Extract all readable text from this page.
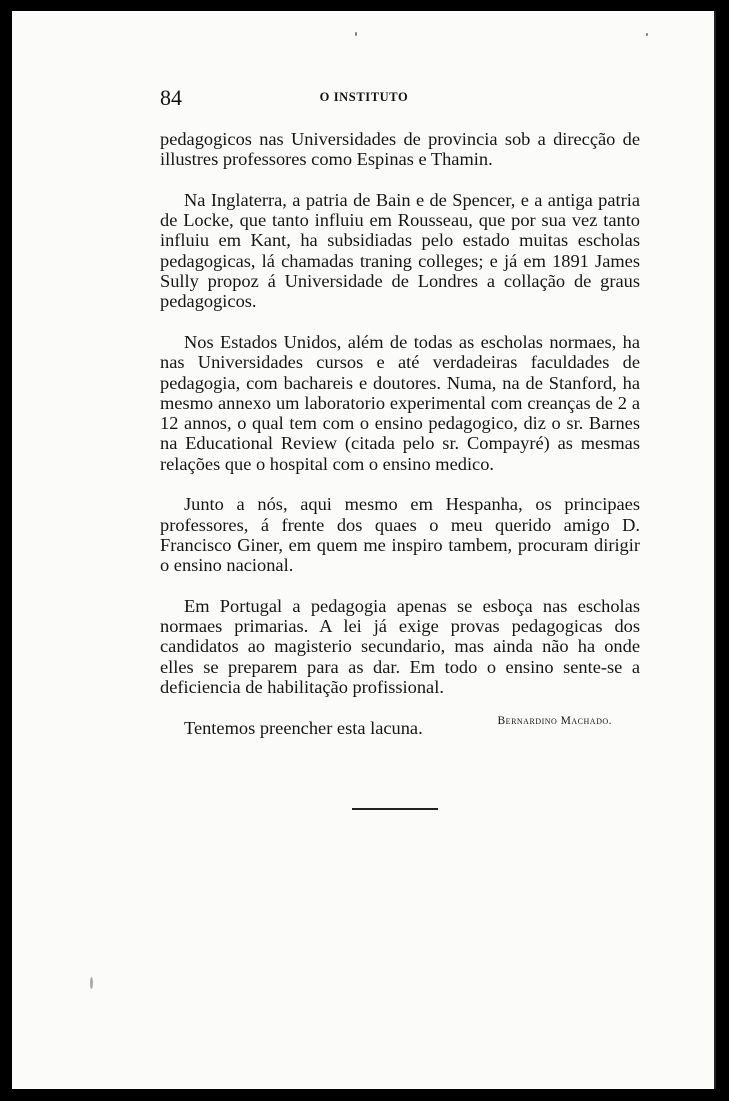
84	O INSTITUTO

pedagogicos nas Universidades de provincia sob a direcção de illustres professores como Espinas e Thamin.

Na Inglaterra, a patria de Bain e de Spencer, e a antiga patria de Locke, que tanto influiu em Rousseau, que por sua vez tanto influiu em Kant, ha subsidiadas pelo estado muitas escholas pedagogicas, lá chamadas traning colleges; e já em 1891 James Sully propoz á Universidade de Londres a collação de graus pedagogicos.

Nos Estados Unidos, além de todas as escholas normaes, ha nas Universidades cursos e até verdadeiras faculdades de pedagogia, com bachareis e doutores. Numa, na de Stanford, ha mesmo annexo um laboratorio experimental com creanças de 2 a 12 annos, o qual tem com o ensino pedagogico, diz o sr. Barnes na Educational Review (citada pelo sr. Compayré) as mesmas relações que o hospital com o ensino medico.

Junto a nós, aqui mesmo em Hespanha, os principaes professores, á frente dos quaes o meu querido amigo D. Francisco Giner, em quem me inspiro tambem, procuram dirigir o ensino nacional.

Em Portugal a pedagogia apenas se esboça nas escholas normaes primarias. A lei já exige provas pedagogicas dos candidatos ao magisterio secundario, mas ainda não ha onde elles se preparem para as dar. Em todo o ensino sente-se a deficiencia de habilitação profissional.

Tentemos preencher esta lacuna.	Bernardino Machado.
